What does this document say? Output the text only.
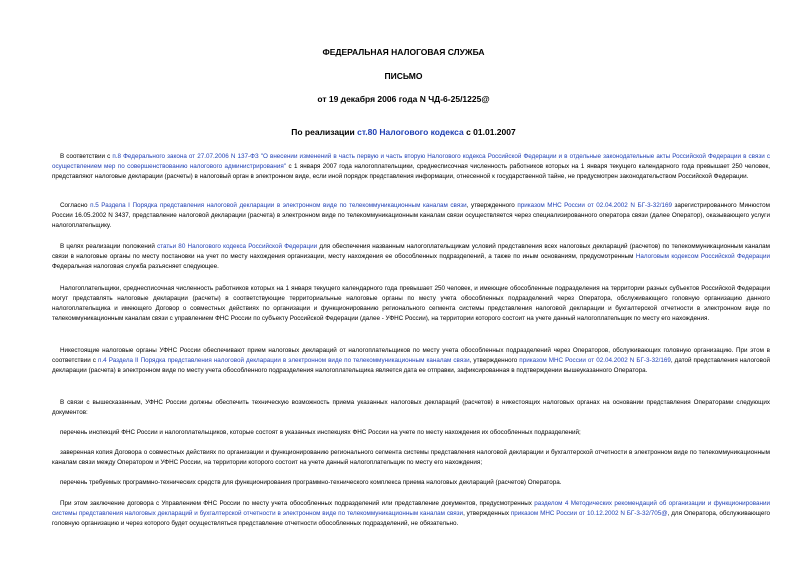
ФЕДЕРАЛЬНАЯ НАЛОГОВАЯ СЛУЖБА
ПИСЬМО
от 19 декабря 2006 года N ЧД-6-25/1225@
По реализации ст.80 Налогового кодекса с 01.01.2007
В соответствии с п.8 Федерального закона от 27.07.2006 N 137-ФЗ "О внесении изменений в часть первую и часть вторую Налогового кодекса Российской Федерации и в отдельные законодательные акты Российской Федерации в связи с осуществлением мер по совершенствованию налогового администрирования" с 1 января 2007 года налогоплательщики, среднесписочная численность работников которых на 1 января текущего календарного года превышает 250 человек, представляют налоговые декларации (расчеты) в налоговый орган в электронном виде, если иной порядок представления информации, отнесенной к государственной тайне, не предусмотрен законодательством Российской Федерации.
Согласно п.5 Раздела I Порядка представления налоговой декларации в электронном виде по телекоммуникационным каналам связи, утвержденного приказом МНС России от 02.04.2002 N БГ-3-32/169 зарегистрированного Минюстом России 16.05.2002 N 3437, представление налоговой декларации (расчета) в электронном виде по телекоммуникационным каналам связи осуществляется через специализированного оператора связи (далее Оператор), оказывающего услуги налогоплательщику.
В целях реализации положений статьи 80 Налогового кодекса Российской Федерации для обеспечения названным налогоплательщикам условий представления всех налоговых деклараций (расчетов) по телекоммуникационным каналам связи в налоговые органы по месту постановки на учет по месту нахождения организации, месту нахождения ее обособленных подразделений, а также по иным основаниям, предусмотренным Налоговым кодексом Российской Федерации Федеральная налоговая служба разъясняет следующее.
Налогоплательщики, среднесписочная численность работников которых на 1 января текущего календарного года превышает 250 человек, и имеющие обособленные подразделения на территории разных субъектов Российской Федерации могут представлять налоговые декларации (расчеты) в соответствующие территориальные налоговые органы по месту учета обособленных подразделений через Оператора, обслуживающего головную организацию данного налогоплательщика и имеющего Договор о совместных действиях по организации и функционированию регионального сегмента системы представления налоговой декларации и бухгалтерской отчетности в электронном виде по телекоммуникационным каналам связи с управлением ФНС России по субъекту Российской Федерации (далее - УФНС России), на территории которого состоит на учете данный налогоплательщик по месту его нахождения.
Никестоящие налоговые органы УФНС России обеспечивают прием налоговых деклараций от налогоплательщиков по месту учета обособленных подразделений через Операторов, обслуживающих головную организацию. При этом в соответствии с п.4 Раздела II Порядка представления налоговой декларации в электронном виде по телекоммуникационным каналам связи, утвержденного приказом МНС России от 02.04.2002 N БГ-3-32/169, датой представления налоговой декларации (расчета) в электронном виде по месту учета обособленного подразделения налогоплательщика является дата ее отправки, зафиксированная в подтверждении вышеуказанного Оператора.
В связи с вышесказанным, УФНС России должны обеспечить техническую возможность приема указанных налоговых деклараций (расчетов) в никестоящих налоговых органах на основании представления Операторами следующих документов:
перечень инспекций ФНС России и налогоплательщиков, которые состоят в указанных инспекциях ФНС России на учете по месту нахождения их обособленных подразделений;
заверенная копия Договора о совместных действиях по организации и функционированию регионального сегмента системы представления налоговой декларации и бухгалтерской отчетности в электронном виде по телекоммуникационным каналам связи между Оператором и УФНС России, на территории которого состоит на учете данный налогоплательщик по месту его нахождения;
перечень требуемых программно-технических средств для функционирования программно-технического комплекса приема налоговых деклараций (расчетов) Оператора.
При этом заключение договора с Управлением ФНС России по месту учета обособленных подразделений или представление документов, предусмотренных разделом 4 Методических рекомендаций об организации и функционировании системы представления налоговых деклараций и бухгалтерской отчетности в электронном виде по телекоммуникационным каналам связи, утвержденных приказом МНС России от 10.12.2002 N БГ-3-32/705@, для Оператора, обслуживающего головную организацию и через которого будет осуществляться представление отчетности обособленных подразделений, не обязательно.
